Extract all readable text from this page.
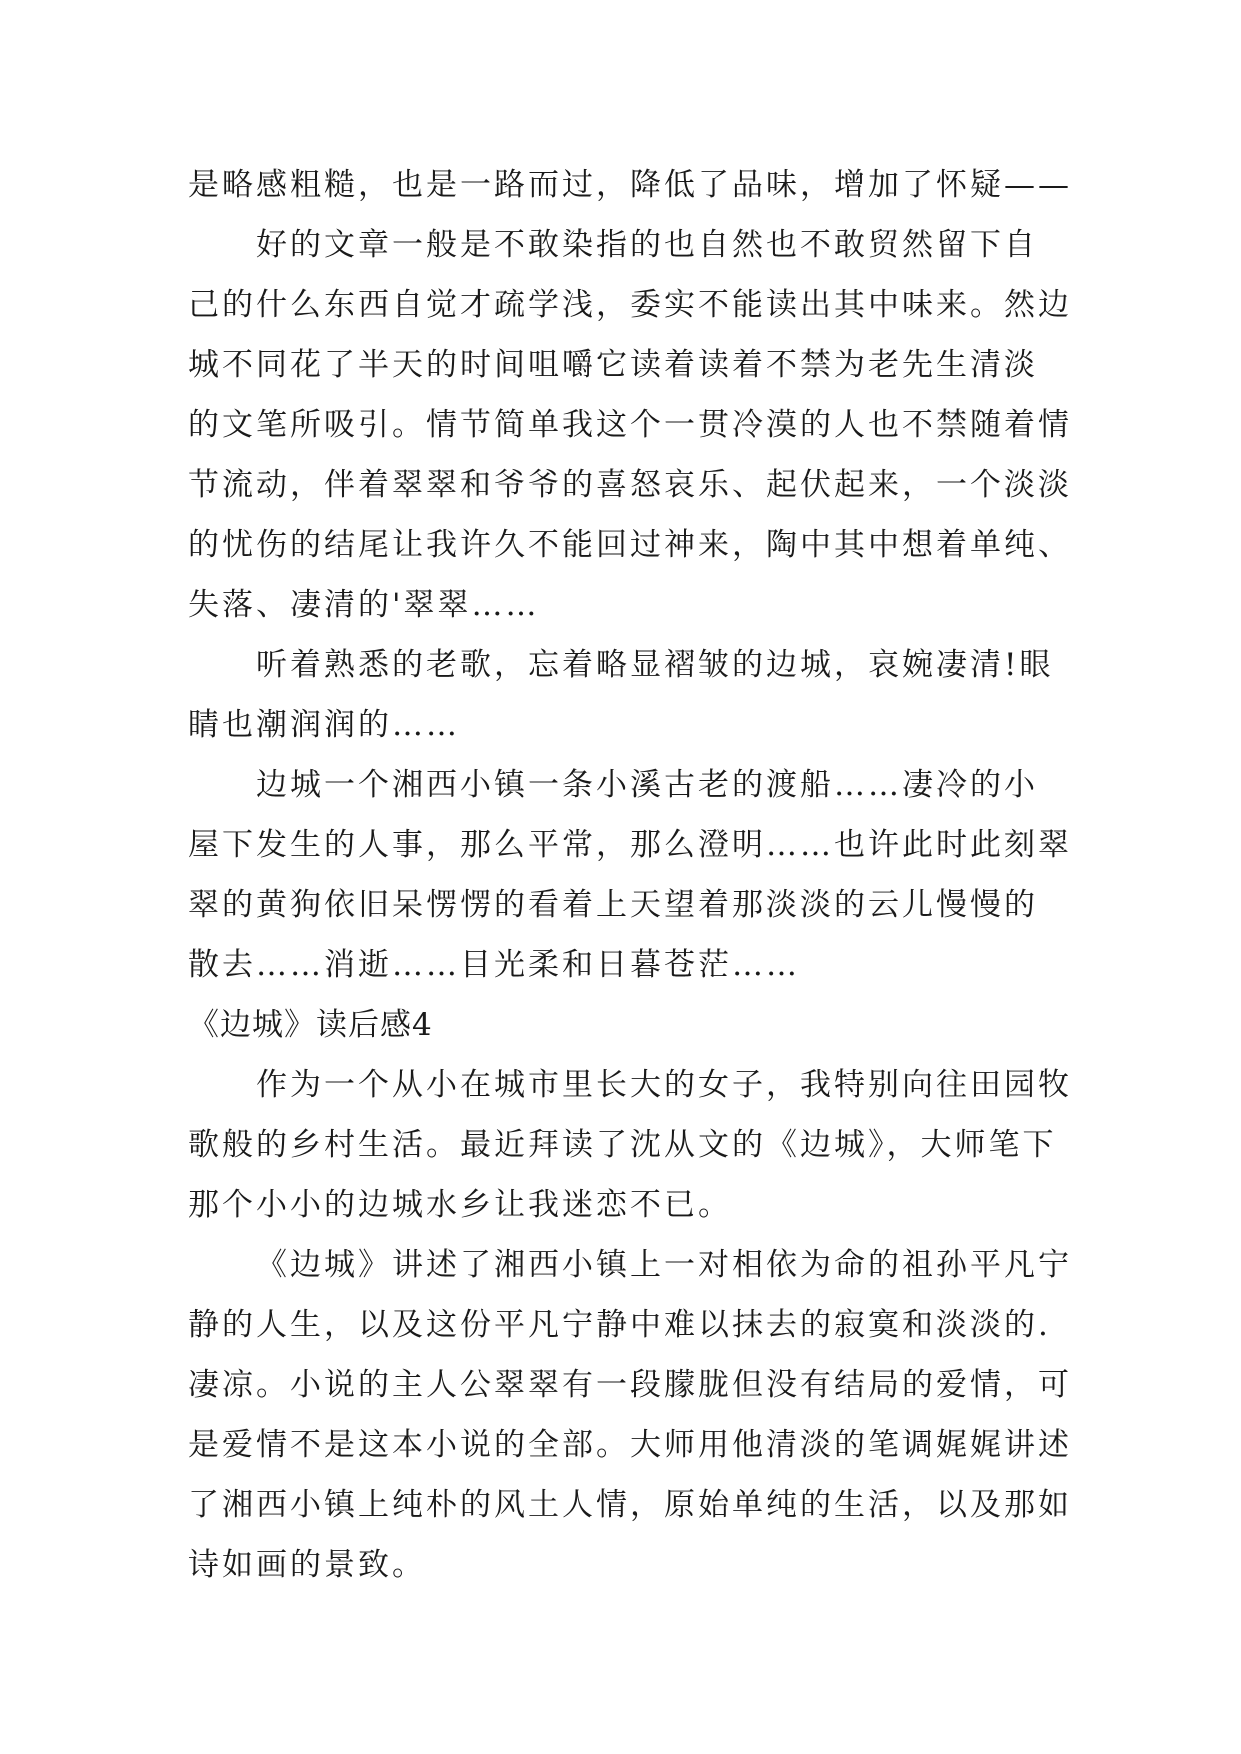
是略感粗糙，也是一路而过，降低了品味，增加了怀疑——
好的文章一般是不敢染指的也自然也不敢贸然留下自
己的什么东西自觉才疏学浅，委实不能读出其中味来。然边
城不同花了半天的时间咀嚼它读着读着不禁为老先生清淡
的文笔所吸引。情节简单我这个一贯冷漠的人也不禁随着情
节流动，伴着翠翠和爷爷的喜怒哀乐、起伏起来，一个淡淡
的忧伤的结尾让我许久不能回过神来，陶中其中想着单纯、
失落、凄清的'翠翠……
听着熟悉的老歌，忘着略显褶皱的边城，哀婉凄清!眼
睛也潮润润的……
边城一个湘西小镇一条小溪古老的渡船……凄冷的小
屋下发生的人事，那么平常，那么澄明……也许此时此刻翠
翠的黄狗依旧呆愣愣的看着上天望着那淡淡的云儿慢慢的
散去……消逝……目光柔和日暮苍茫……
《边城》读后感4
作为一个从小在城市里长大的女子，我特别向往田园牧
歌般的乡村生活。最近拜读了沈从文的《边城》，大师笔下
那个小小的边城水乡让我迷恋不已。
《边城》讲述了湘西小镇上一对相依为命的祖孙平凡宁
静的人生，以及这份平凡宁静中难以抹去的寂寞和淡淡的.
凄凉。小说的主人公翠翠有一段朦胧但没有结局的爱情，可
是爱情不是这本小说的全部。大师用他清淡的笔调娓娓讲述
了湘西小镇上纯朴的风土人情，原始单纯的生活，以及那如
诗如画的景致。
